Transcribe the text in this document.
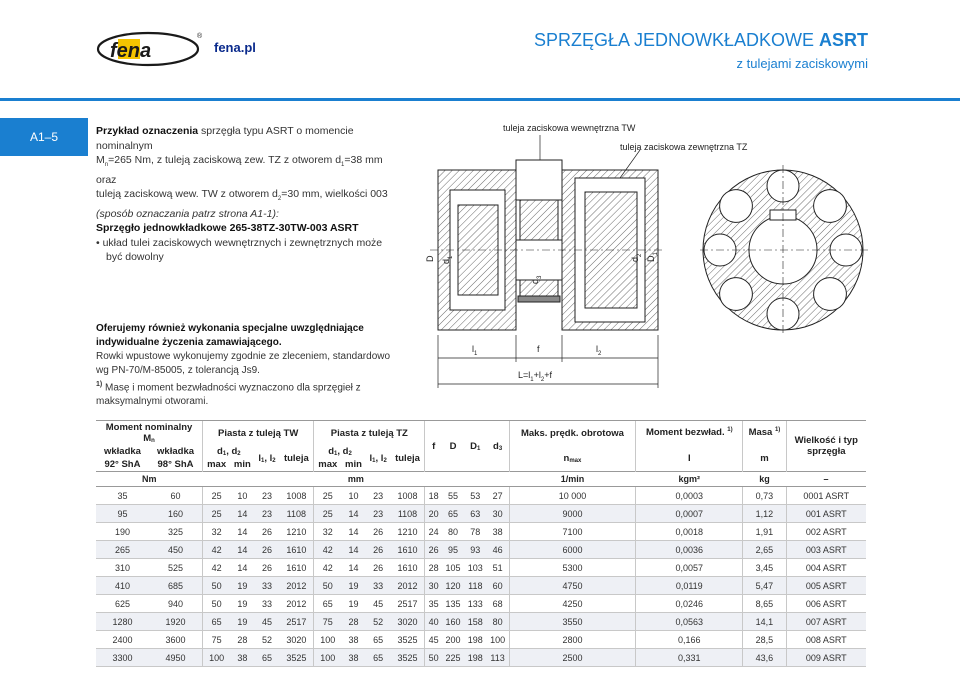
fena
®
fena.pl	SPRZĘGŁA JEDNOWKŁADKOWE ASRT
z tulejami zaciskowymi
A1–5	Przykład oznaczenia sprzęgła typu ASRT o momencie nominalnym
$M_n=265$ Nm, z tuleją zaciskową zew. TZ z otworem $d_1=38$ mm oraz
tuleją zaciskową wew. TW z otworem $d_2=30$ mm, wielkości 003
(sposób oznaczania patrz strona A1-1):
Sprzęgło jednowkładkowe 265-38TZ-30TW-003 ASRT
• układ tulei zaciskowych wewnętrznych i zewnętrznych może być dowolny
Oferujemy również wykonania specjalne uwzględniające indywidualne życzenia zamawiającego.
Rowki wpustowe wykonujemy zgodnie ze zleceniem, standardowo wg PN-70/M-85005, z tolerancją Js9.
$^{1)}$ Masę i moment bezwładności wyznaczono dla sprzęgieł z maksymalnymi otworami.
tuleja zaciskowa wewnętrzna TW
tuleja zaciskowa zewnętrzna TZ
D $d_1$
$d_3$
$d_2$
$D_1$
$l_1$	f	$l_2$
$L=l_1+l_2+f$
Moment nominalny
Mn		Piasta z tuleją TW				Piasta z tuleją TZ				f	D	D1	d3	Maks. prędk. obrotowa	Moment bezwład. $^{1)}$	Masa $^{1)}$	Wielkość i typ sprzęgła
wkładka	wkładka	d1, d2		l1, l2	tuleja	d1, d2		l1, l2	tuleja					nmax	I	m	
92° ShA	98° ShA	max	min			max	min										
Nm		mm												1/min	kgm²	kg	–
35	60	25	10	23	1008	25	10	23	1008	18	55	53	27	10 000	0,0003	0,73	0001 ASRT
95	160	25	14	23	1108	25	14	23	1108	20	65	63	30	9000	0,0007	1,12	001 ASRT
190	325	32	14	26	1210	32	14	26	1210	24	80	78	38	7100	0,0018	1,91	002 ASRT
265	450	42	14	26	1610	42	14	26	1610	26	95	93	46	6000	0,0036	2,65	003 ASRT
310	525	42	14	26	1610	42	14	26	1610	28	105	103	51	5300	0,0057	3,45	004 ASRT
410	685	50	19	33	2012	50	19	33	2012	30	120	118	60	4750	0,0119	5,47	005 ASRT
625	940	50	19	33	2012	65	19	45	2517	35	135	133	68	4250	0,0246	8,65	006 ASRT
1280	1920	65	19	45	2517	75	28	52	3020	40	160	158	80	3550	0,0563	14,1	007 ASRT
2400	3600	75	28	52	3020	100	38	65	3525	45	200	198	100	2800	0,166	28,5	008 ASRT
3300	4950	100	38	65	3525	100	38	65	3525	50	225	198	113	2500	0,331	43,6	009 ASRT
